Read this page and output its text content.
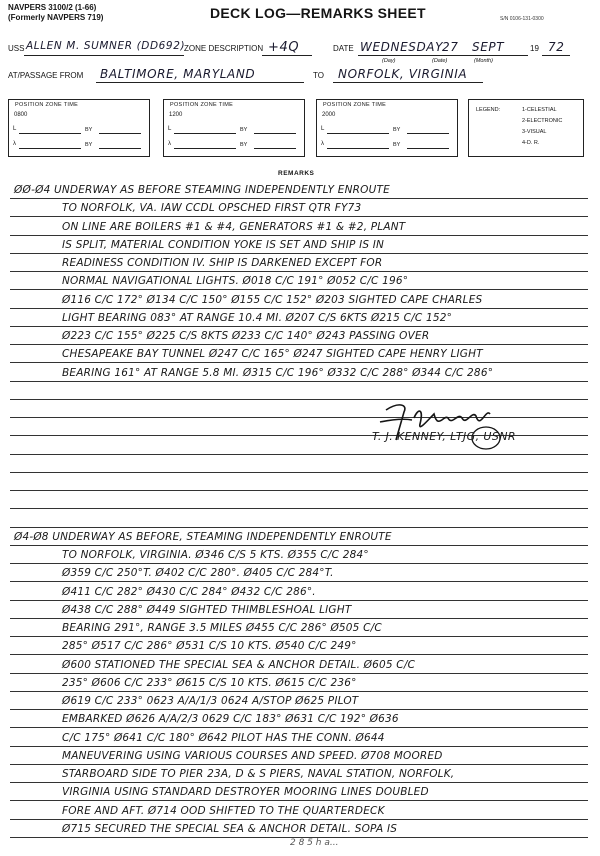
NAVPERS 3100/2 (1-66)
(Formerly NAVPERS 719)	DECK LOG—REMARKS SHEET	S/N 0106-131-0300
USS ALLEN M. SUMNER (DD692)
ZONE DESCRIPTION +4Q	DATE WEDNESDAY
27 SEPT	19 72
(Day)	(Date)	(Month)
AT/PASSAGE FROM BALTIMORE, MARYLAND	TO NORFOLK, VIRGINIA
POSITION ZONE TIME
0800
L	BY
λ	BY
POSITION ZONE TIME
1200
L	BY
λ	BY
POSITION ZONE TIME
2000
L	BY
λ	BY
LEGEND:	1-CELESTIAL
2-ELECTRONIC
3-VISUAL
4-D. R.
REMARKS
ØØ-Ø4 UNDERWAY AS BEFORE STEAMING INDEPENDENTLY ENROUTE
TO NORFOLK, VA. IAW CCDL OPSCHED FIRST QTR FY73
ON LINE ARE BOILERS #1 & #4, GENERATORS #1 & #2, PLANT
IS SPLIT, MATERIAL CONDITION YOKE IS SET AND SHIP IS IN
READINESS CONDITION IV. SHIP IS DARKENED EXCEPT FOR
NORMAL NAVIGATIONAL LIGHTS. Ø018 C/C 191° Ø052 C/C 196°
Ø116 C/C 172° Ø134 C/C 150° Ø155 C/C 152° Ø203 SIGHTED CAPE CHARLES
LIGHT BEARING 083° AT RANGE 10.4 MI. Ø207 C/S 6KTS Ø215 C/C 152°
Ø223 C/C 155° Ø225 C/S 8KTS Ø233 C/C 140° Ø243 PASSING OVER
CHESAPEAKE BAY TUNNEL Ø247 C/C 165° Ø247 SIGHTED CAPE HENRY LIGHT
BEARING 161° AT RANGE 5.8 MI. Ø315 C/C 196° Ø332 C/C 288° Ø344 C/C 286°
Ø4-Ø8 UNDERWAY AS BEFORE, STEAMING INDEPENDENTLY ENROUTE
TO NORFOLK, VIRGINIA. Ø346 C/S 5 KTS. Ø355 C/C 284°
Ø359 C/C 250°T. Ø402 C/C 280°. Ø405 C/C 284°T.
Ø411 C/C 282° Ø430 C/C 284° Ø432 C/C 286°.
Ø438 C/C 288° Ø449 SIGHTED THIMBLESHOAL LIGHT
BEARING 291°, RANGE 3.5 MILES Ø455 C/C 286° Ø505 C/C
285° Ø517 C/C 286° Ø531 C/S 10 KTS. Ø540 C/C 249°
Ø600 STATIONED THE SPECIAL SEA & ANCHOR DETAIL. Ø605 C/C
235° Ø606 C/C 233° Ø615 C/S 10 KTS. Ø615 C/C 236°
Ø619 C/C 233° 0623 A/A/1/3 0624 A/STOP Ø625 PILOT
EMBARKED Ø626 A/A/2/3 0629 C/C 183° Ø631 C/C 192° Ø636
C/C 175° Ø641 C/C 180° Ø642 PILOT HAS THE CONN. Ø644
MANEUVERING USING VARIOUS COURSES AND SPEED. Ø708 MOORED
STARBOARD SIDE TO PIER 23A, D & S PIERS, NAVAL STATION, NORFOLK,
VIRGINIA USING STANDARD DESTROYER MOORING LINES DOUBLED
FORE AND AFT. Ø714 OOD SHIFTED TO THE QUARTERDECK
Ø715 SECURED THE SPECIAL SEA & ANCHOR DETAIL. SOPA IS
T. J. KENNEY, LTJG, USNR
2 8 5 h a...
